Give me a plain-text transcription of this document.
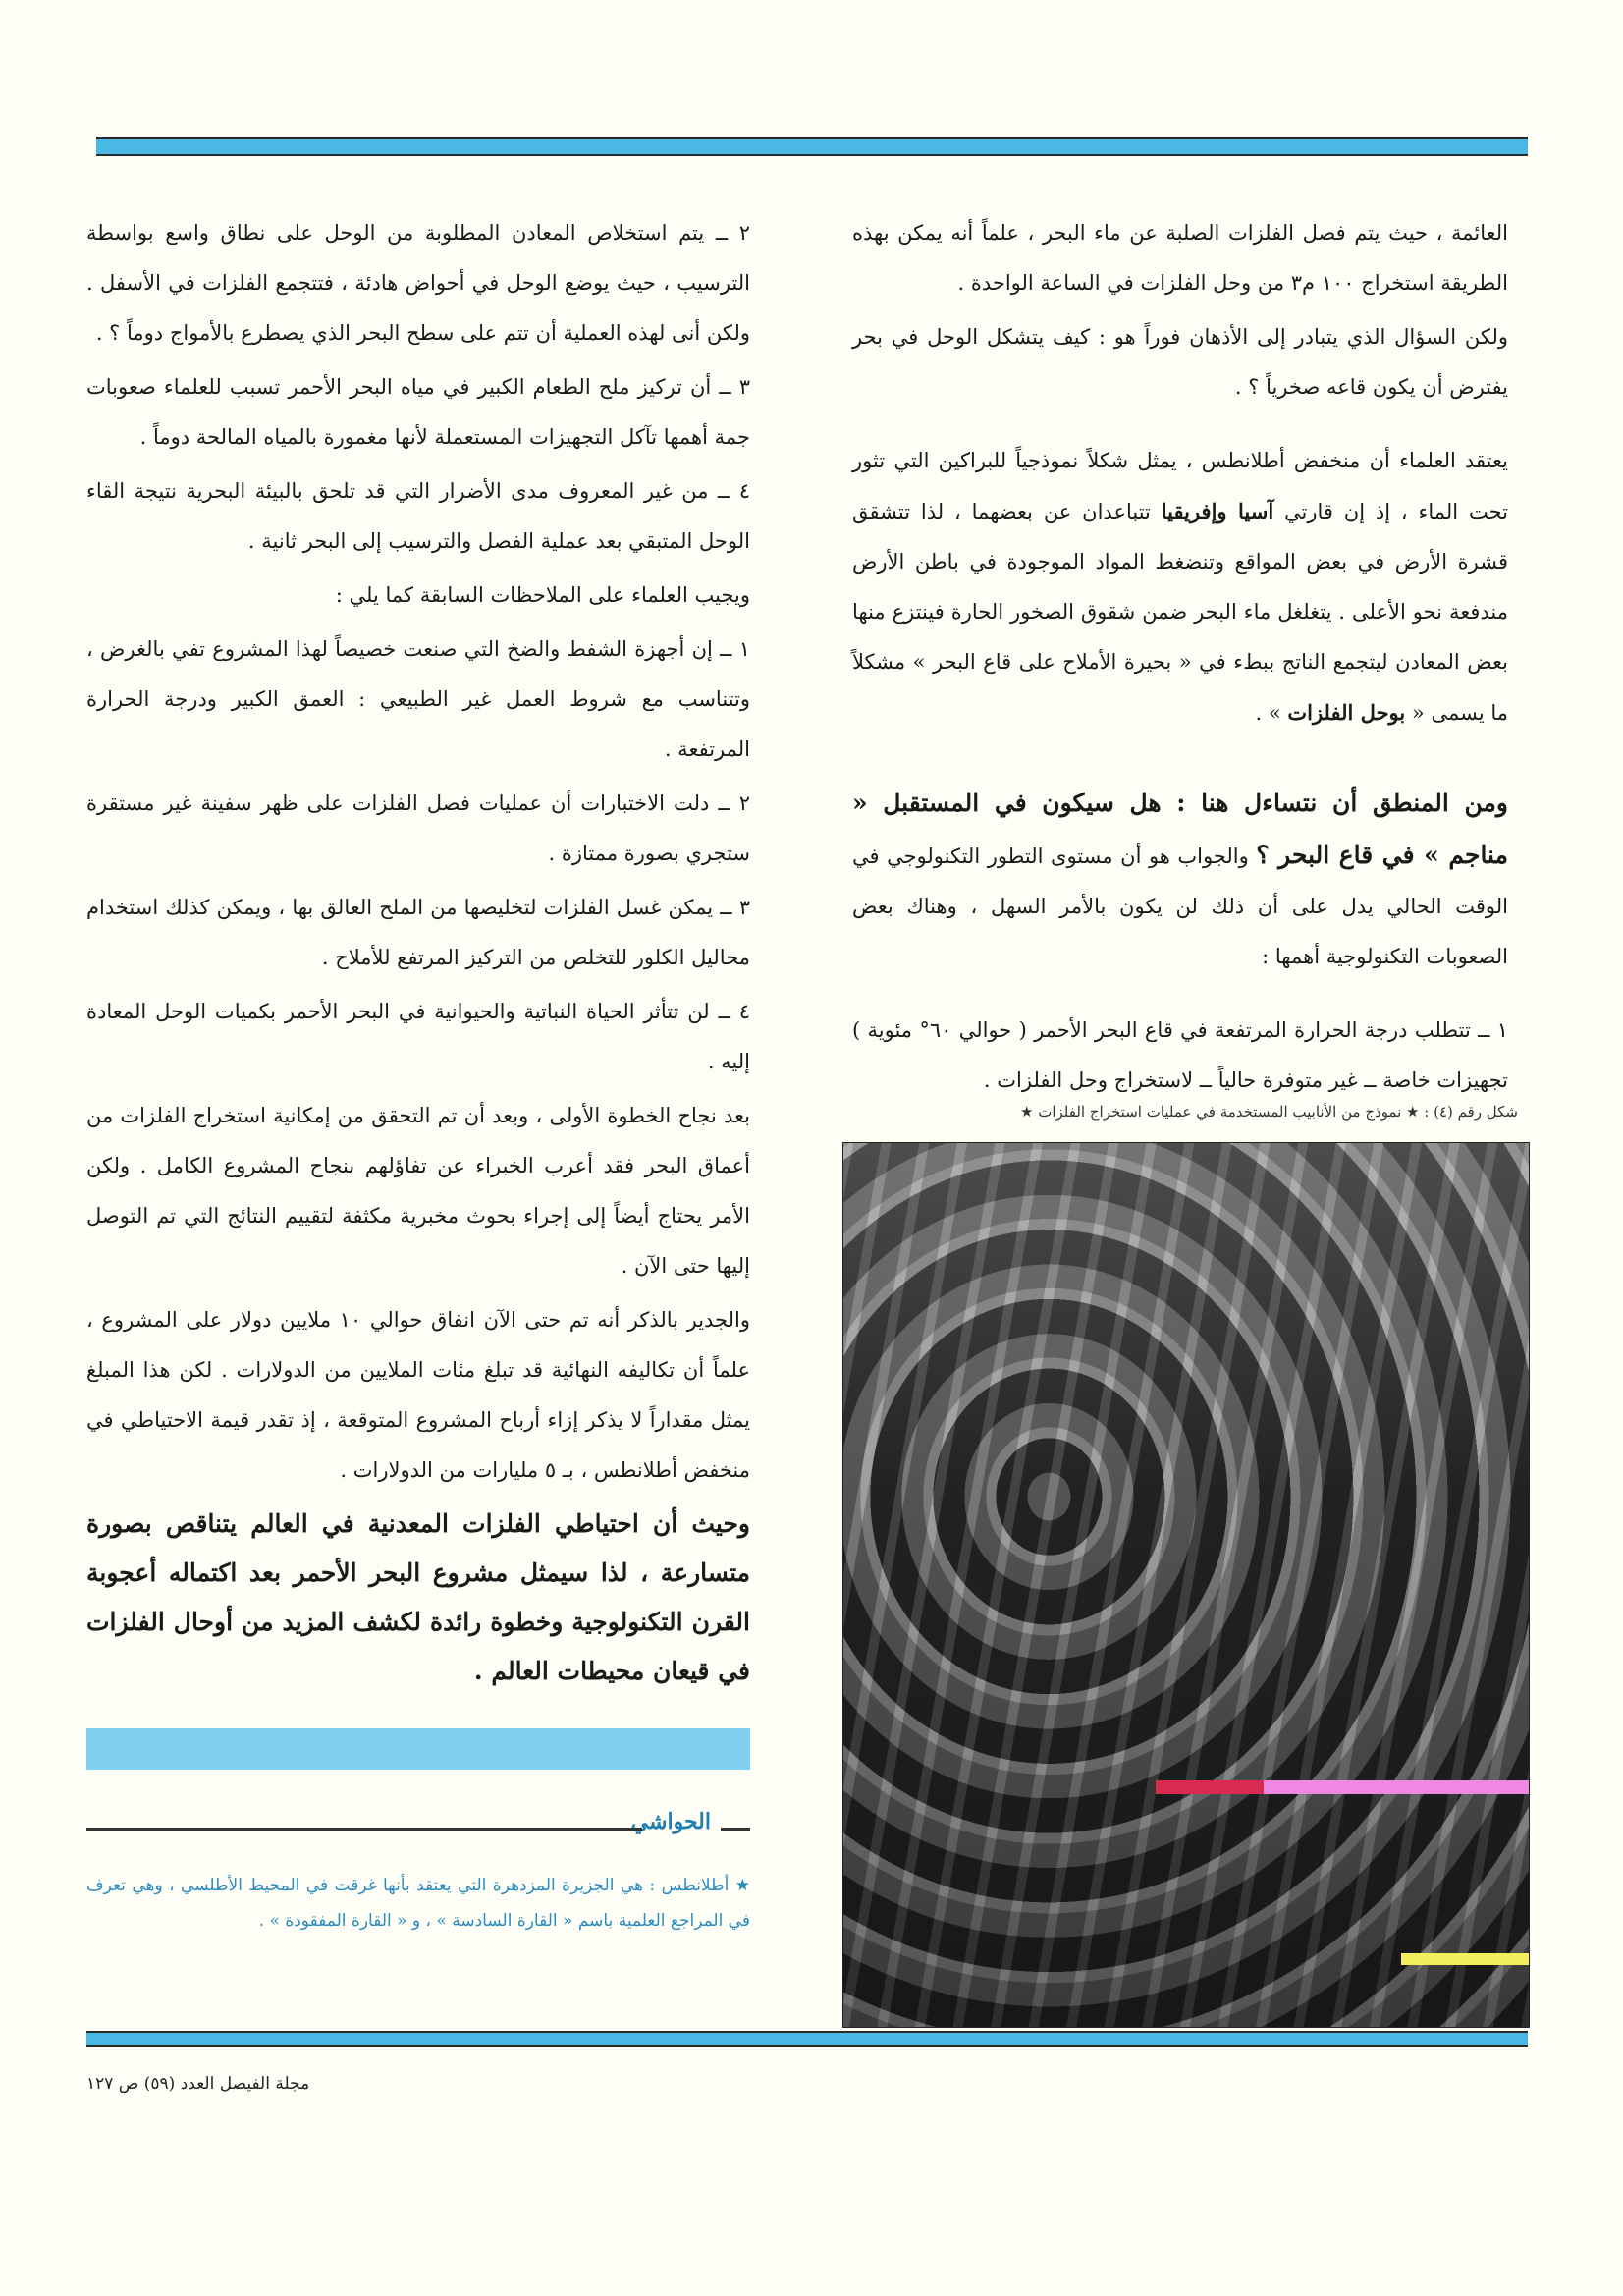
العائمة ، حيث يتم فصل الفلزات الصلبة عن ماء البحر ، علماً أنه يمكن بهذه الطريقة استخراج ١٠٠ م٣ من وحل الفلزات في الساعة الواحدة .

ولكن السؤال الذي يتبادر إلى الأذهان فوراً هو : كيف يتشكل الوحل في بحر يفترض أن يكون قاعه صخرياً ؟ .

يعتقد العلماء أن منخفض أطلانطس ، يمثل شكلاً نموذجياً للبراكين التي تثور تحت الماء ، إذ إن قارتي آسيا وإفريقيا تتباعدان عن بعضهما ، لذا تتشقق قشرة الأرض في بعض المواقع وتنضغط المواد الموجودة في باطن الأرض مندفعة نحو الأعلى . يتغلغل ماء البحر ضمن شقوق الصخور الحارة فينتزع منها بعض المعادن ليتجمع الناتج ببطء في « بحيرة الأملاح على قاع البحر » مشكلاً ما يسمى « بوحل الفلزات » .

ومن المنطق أن نتساءل هنا : هل سيكون في المستقبل « مناجم » في قاع البحر ؟ والجواب هو أن مستوى التطور التكنولوجي في الوقت الحالي يدل على أن ذلك لن يكون بالأمر السهل ، وهناك بعض الصعوبات التكنولوجية أهمها :

١ ــ تتطلب درجة الحرارة المرتفعة في قاع البحر الأحمر ( حوالي ٦٠° مئوية ) تجهيزات خاصة ــ غير متوفرة حالياً ــ لاستخراج وحل الفلزات .

شكل رقم (٤) : ★ نموذج من الأنابيب المستخدمة في عمليات استخراج الفلزات ★

٢ ــ يتم استخلاص المعادن المطلوبة من الوحل على نطاق واسع بواسطة الترسيب ، حيث يوضع الوحل في أحواض هادئة ، فتتجمع الفلزات في الأسفل . ولكن أنى لهذه العملية أن تتم على سطح البحر الذي يصطرع بالأمواج دوماً ؟ .

٣ ــ أن تركيز ملح الطعام الكبير في مياه البحر الأحمر تسبب للعلماء صعوبات جمة أهمها تآكل التجهيزات المستعملة لأنها مغمورة بالمياه المالحة دوماً .

٤ ــ من غير المعروف مدى الأضرار التي قد تلحق بالبيئة البحرية نتيجة القاء الوحل المتبقي بعد عملية الفصل والترسيب إلى البحر ثانية .

ويجيب العلماء على الملاحظات السابقة كما يلي :

١ ــ إن أجهزة الشفط والضخ التي صنعت خصيصاً لهذا المشروع تفي بالغرض ، وتتناسب مع شروط العمل غير الطبيعي : العمق الكبير ودرجة الحرارة المرتفعة .

٢ ــ دلت الاختبارات أن عمليات فصل الفلزات على ظهر سفينة غير مستقرة ستجري بصورة ممتازة .

٣ ــ يمكن غسل الفلزات لتخليصها من الملح العالق بها ، ويمكن كذلك استخدام محاليل الكلور للتخلص من التركيز المرتفع للأملاح .

٤ ــ لن تتأثر الحياة النباتية والحيوانية في البحر الأحمر بكميات الوحل المعادة إليه .

بعد نجاح الخطوة الأولى ، وبعد أن تم التحقق من إمكانية استخراج الفلزات من أعماق البحر فقد أعرب الخبراء عن تفاؤلهم بنجاح المشروع الكامل . ولكن الأمر يحتاج أيضاً إلى إجراء بحوث مخبرية مكثفة لتقييم النتائج التي تم التوصل إليها حتى الآن .

والجدير بالذكر أنه تم حتى الآن انفاق حوالي ١٠ ملايين دولار على المشروع ، علماً أن تكاليفه النهائية قد تبلغ مئات الملايين من الدولارات . لكن هذا المبلغ يمثل مقداراً لا يذكر إزاء أرباح المشروع المتوقعة ، إذ تقدر قيمة الاحتياطي في منخفض أطلانطس ، بـ ٥ مليارات من الدولارات .

وحيث أن احتياطي الفلزات المعدنية في العالم يتناقص بصورة متسارعة ، لذا سيمثل مشروع البحر الأحمر بعد اكتماله أعجوبة القرن التكنولوجية وخطوة رائدة لكشف المزيد من أوحال الفلزات في قيعان محيطات العالم .

الحواشي
★ أطلانطس : هي الجزيرة المزدهرة التي يعتقد بأنها غرقت في المحيط الأطلسي ، وهي تعرف في المراجع العلمية باسم « القارة السادسة » ، و « القارة المفقودة » .
مجلة الفيصل العدد (٥٩) ص ١٢٧
